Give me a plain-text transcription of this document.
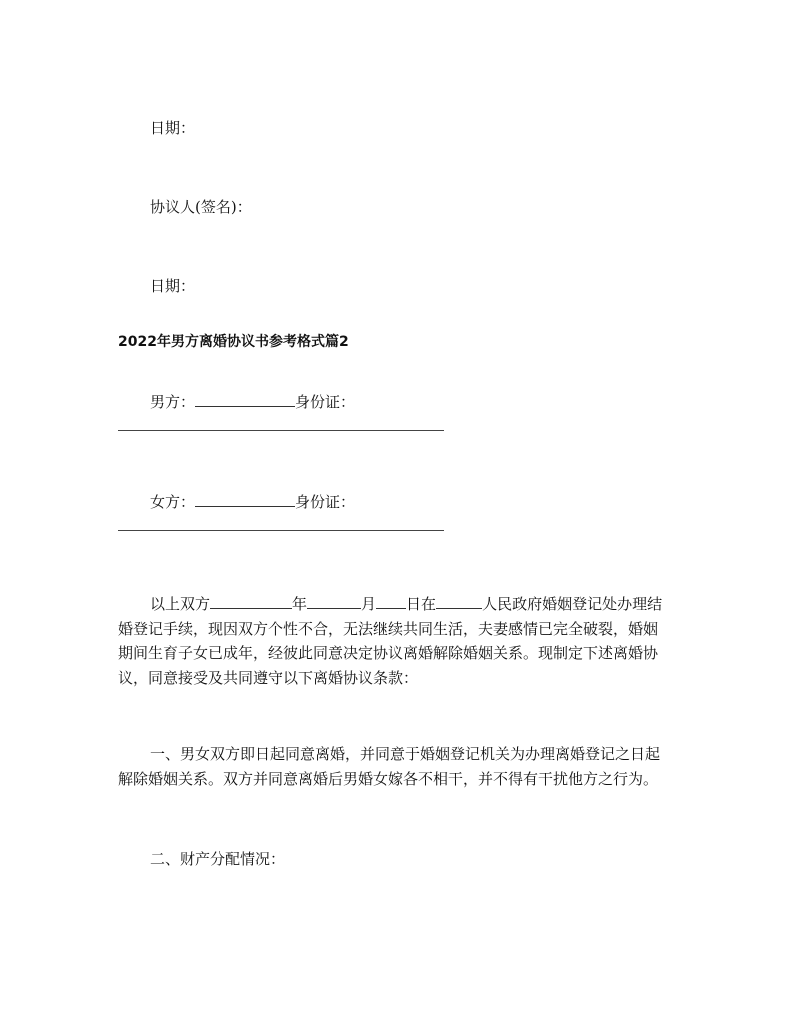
日期：
协议人(签名)：
日期：
2022年男方离婚协议书参考格式篇2
男方：	身份证：
女方：	身份证：
以上双方	年	月 日在	人民政府婚姻登记处办理结
婚登记手续，现因双方个性不合，无法继续共同生活，夫妻感情已完全破裂，婚姻
期间生育子女已成年，经彼此同意决定协议离婚解除婚姻关系。现制定下述离婚协
议，同意接受及共同遵守以下离婚协议条款：
一、男女双方即日起同意离婚，并同意于婚姻登记机关为办理离婚登记之日起
解除婚姻关系。双方并同意离婚后男婚女嫁各不相干，并不得有干扰他方之行为。
二、财产分配情况：
